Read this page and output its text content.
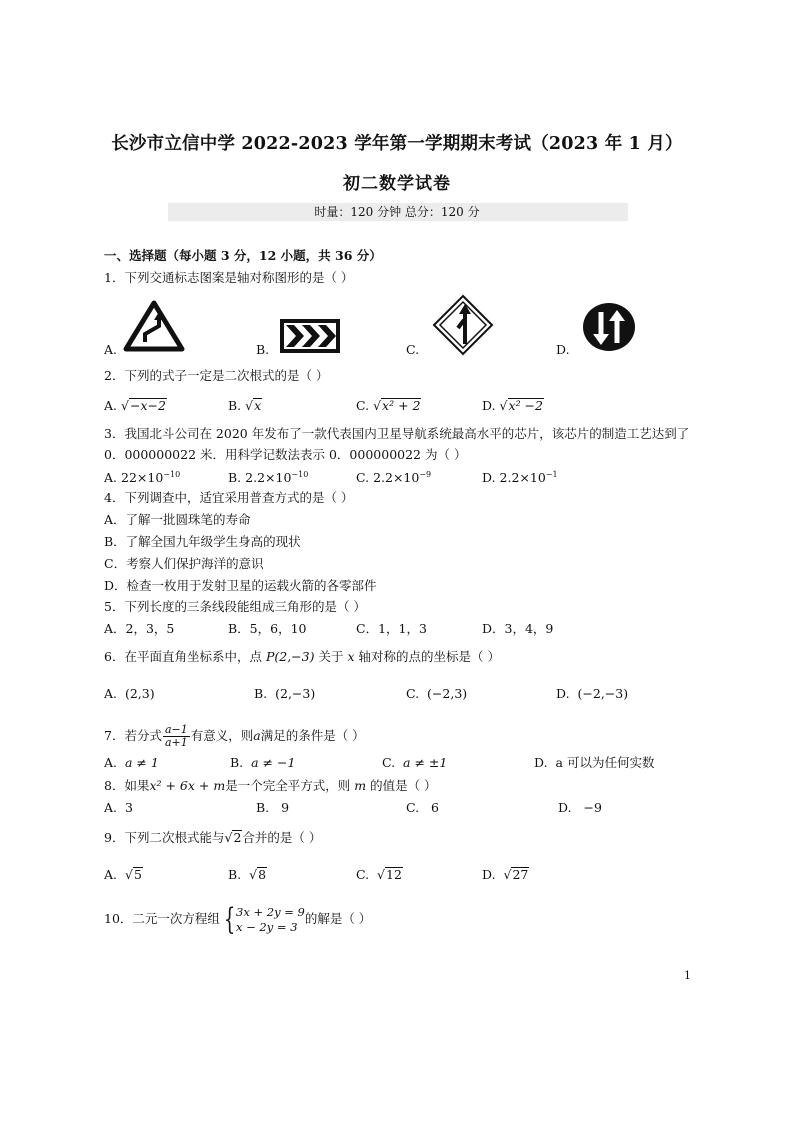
长沙市立信中学 2022-2023 学年第一学期期末考试（2023 年 1 月）
初二数学试卷
时量：120 分钟 总分：120 分
一、选择题（每小题 3 分，12 小题，共 36 分）
1．下列交通标志图案是轴对称图形的是（ ）
A.	B.	C.	D.
2．下列的式子一定是二次根式的是（ ）
A. √−x−2	B. √x	C. √x² + 2	D. √x² −2
3．我国北斗公司在 2020 年发布了一款代表国内卫星导航系统最高水平的芯片，该芯片的制造工艺达到了
0．000000022 米．用科学记数法表示 0．000000022 为（ ）
A. $22\times 10^{-10}$	B. $2.2\times 10^{-10}$	C. $2.2\times 10^{-9}$	D. $2.2\times 10^{-1}$
4．下列调查中，适宜采用普查方式的是（ ）
A．了解一批圆珠笔的寿命
B．了解全国九年级学生身高的现状
C．考察人们保护海洋的意识
D．检查一枚用于发射卫星的运载火箭的各零部件
5．下列长度的三条线段能组成三角形的是（ ）
A．2，3，5	B．5，6，10	C．1，1，3	D．3，4，9
6．在平面直角坐标系中，点 P(2,−3) 关于 x 轴对称的点的坐标是（ ）
A. (2,3)	B. (2,−3)	C. (−2,3)	D. (−2,−3)
7．若分式 $\frac{a-1}{a+1}$ 有意义，则a满足的条件是（ ）
A. a ≠ 1	B. a ≠ −1	C. a ≠ ±1	D. a 可以为任何实数
8．如果x² + 6x + m是一个完全平方式，则 m 的值是（ ）
A. 3	B. 9	C. 6	D. −9
9．下列二次根式能与√2合并的是（ ）
A.  √5	B.  √8	C.  √12	D.  √27
10．二元一次方程组 { 3x + 2y = 9
x − 2y = 3
的解是（ ）
1
